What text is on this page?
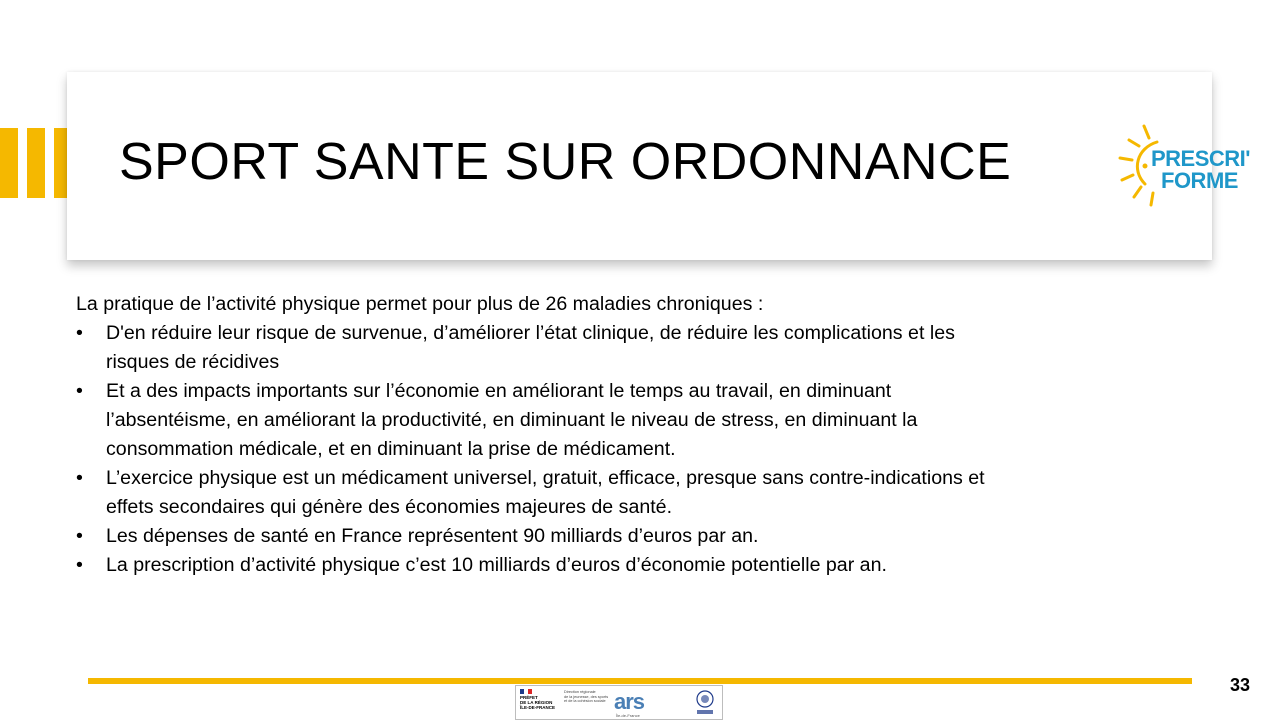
SPORT SANTE SUR ORDONNANCE	PRESCRI'
FORME

La pratique de l’activité physique permet pour plus de 26 maladies chroniques :

• D'en réduire leur risque de survenue, d’améliorer l’état clinique, de réduire les complications et les risques de récidives
• Et a des impacts importants sur l’économie en améliorant le temps au travail, en diminuant l’absentéisme, en améliorant la productivité, en diminuant le niveau de stress, en diminuant la consommation médicale, et en diminuant la prise de médicament.
• L’exercice physique est un médicament universel, gratuit, efficace, presque sans contre-indications et effets secondaires qui génère des économies majeures de santé.
• Les dépenses de santé en France représentent 90 milliards d’euros par an.
• La prescription d’activité physique c’est 10 milliards d’euros d’économie potentielle par an.
33
PRÉFET
DE LA RÉGION
ÎLE-DE-FRANCE
Direction régionale
de la jeunesse, des sports
et de la cohésion sociale ars
Île-de-France
